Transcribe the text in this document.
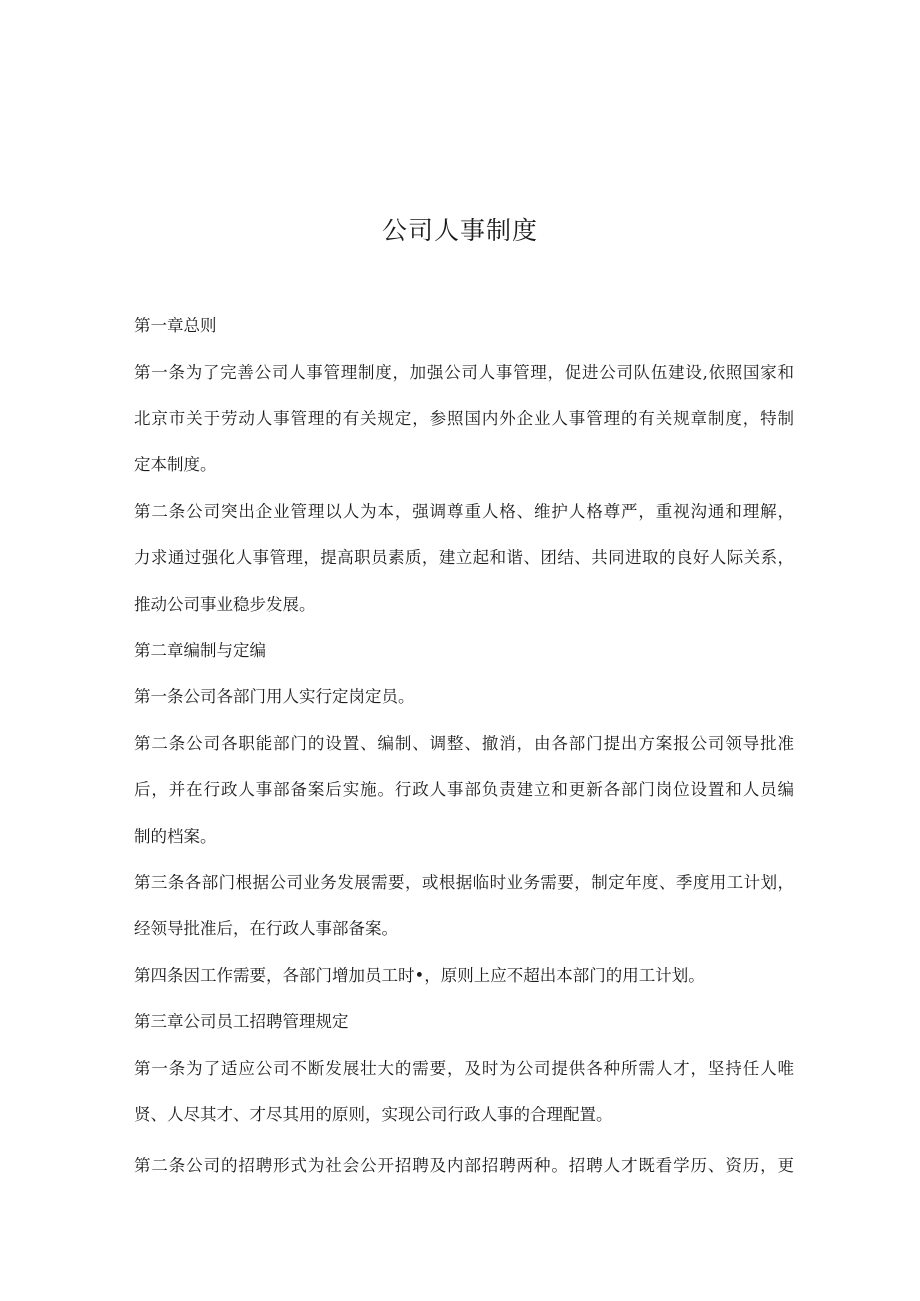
公司人事制度
第一章总则
第一条为了完善公司人事管理制度，加强公司人事管理，促进公司队伍建设,依照国家和
北京市关于劳动人事管理的有关规定，参照国内外企业人事管理的有关规章制度，特制
定本制度。
第二条公司突出企业管理以人为本，强调尊重人格、维护人格尊严，重视沟通和理解，
力求通过强化人事管理，提高职员素质，建立起和谐、团结、共同进取的良好人际关系，
推动公司事业稳步发展。
第二章编制与定编
第一条公司各部门用人实行定岗定员。
第二条公司各职能部门的设置、编制、调整、撤消，由各部门提出方案报公司领导批准
后，并在行政人事部备案后实施。行政人事部负责建立和更新各部门岗位设置和人员编
制的档案。
第三条各部门根据公司业务发展需要，或根据临时业务需要，制定年度、季度用工计划，
经领导批准后，在行政人事部备案。
第四条因工作需要，各部门增加员工时•，原则上应不超出本部门的用工计划。
第三章公司员工招聘管理规定
第一条为了适应公司不断发展壮大的需要，及时为公司提供各种所需人才，坚持任人唯
贤、人尽其才、才尽其用的原则，实现公司行政人事的合理配置。
第二条公司的招聘形式为社会公开招聘及内部招聘两种。招聘人才既看学历、资历，更
